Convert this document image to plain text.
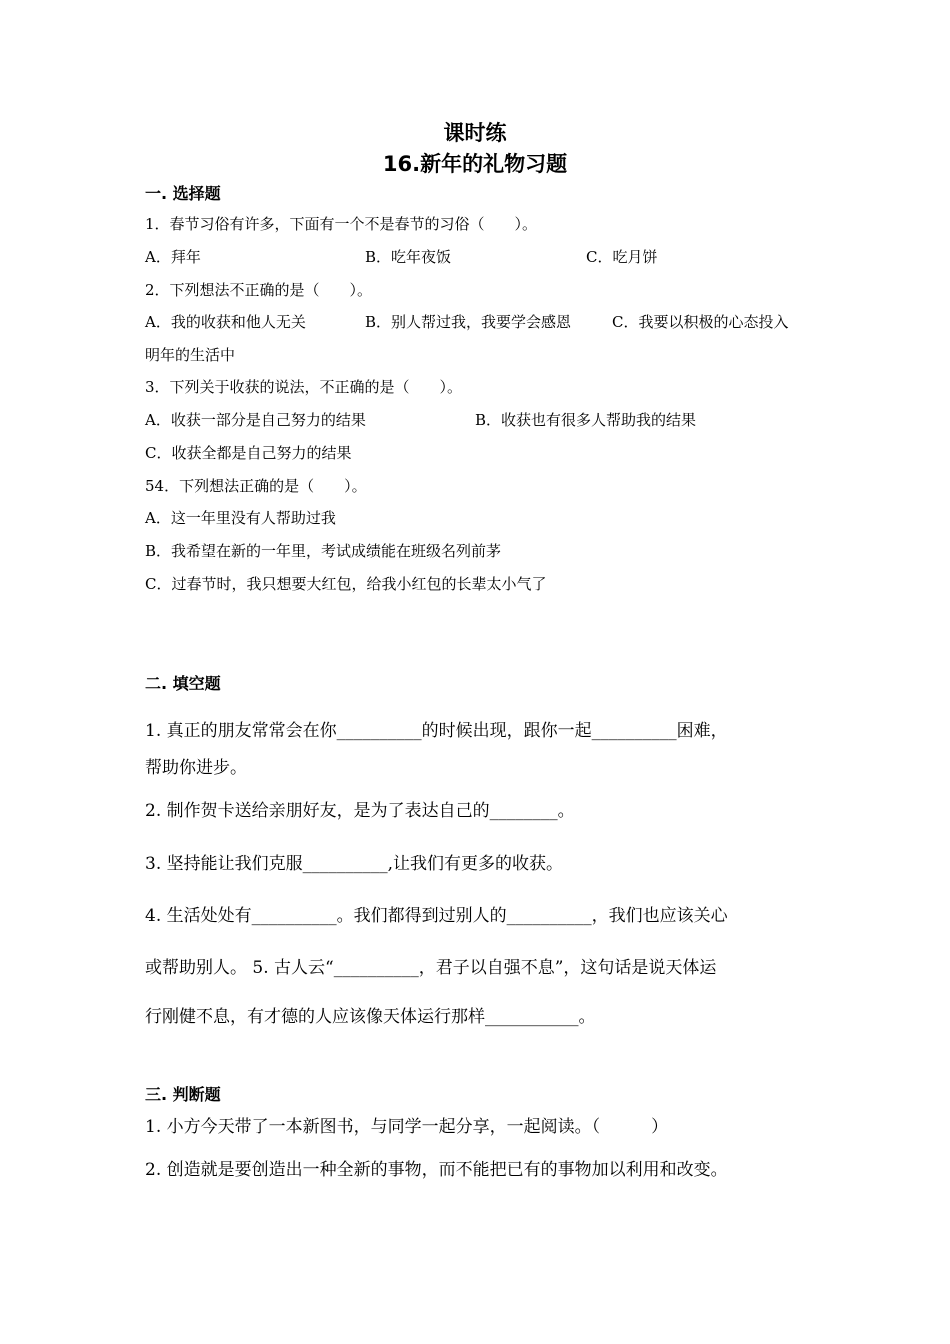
课时练
16.新年的礼物习题
一. 选择题
1．春节习俗有许多，下面有一个不是春节的习俗（　　）。
A．拜年	B．吃年夜饭	C．吃月饼
2．下列想法不正确的是（　　）。
A．我的收获和他人无关	B．别人帮过我，我要学会感恩	C．我要以积极的心态投入
明年的生活中
3．下列关于收获的说法，不正确的是（　　）。
A．收获一部分是自己努力的结果	B．收获也有很多人帮助我的结果
C．收获全都是自己努力的结果
54．下列想法正确的是（　　）。
A．这一年里没有人帮助过我
B．我希望在新的一年里，考试成绩能在班级名列前茅
C．过春节时，我只想要大红包，给我小红包的长辈太小气了
二. 填空题
1. 真正的朋友常常会在你__________的时候出现，跟你一起__________困难，
帮助你进步。
2. 制作贺卡送给亲朋好友，是为了表达自己的________。
3. 坚持能让我们克服__________,让我们有更多的收获。
4. 生活处处有__________。我们都得到过别人的__________，我们也应该关心
或帮助别人。 5. 古人云“__________，君子以自强不息”，这句话是说天体运
行刚健不息，有才德的人应该像天体运行那样___________。
三. 判断题
1. 小方今天带了一本新图书，与同学一起分享，一起阅读。（　　　）
2. 创造就是要创造出一种全新的事物，而不能把已有的事物加以利用和改变。
